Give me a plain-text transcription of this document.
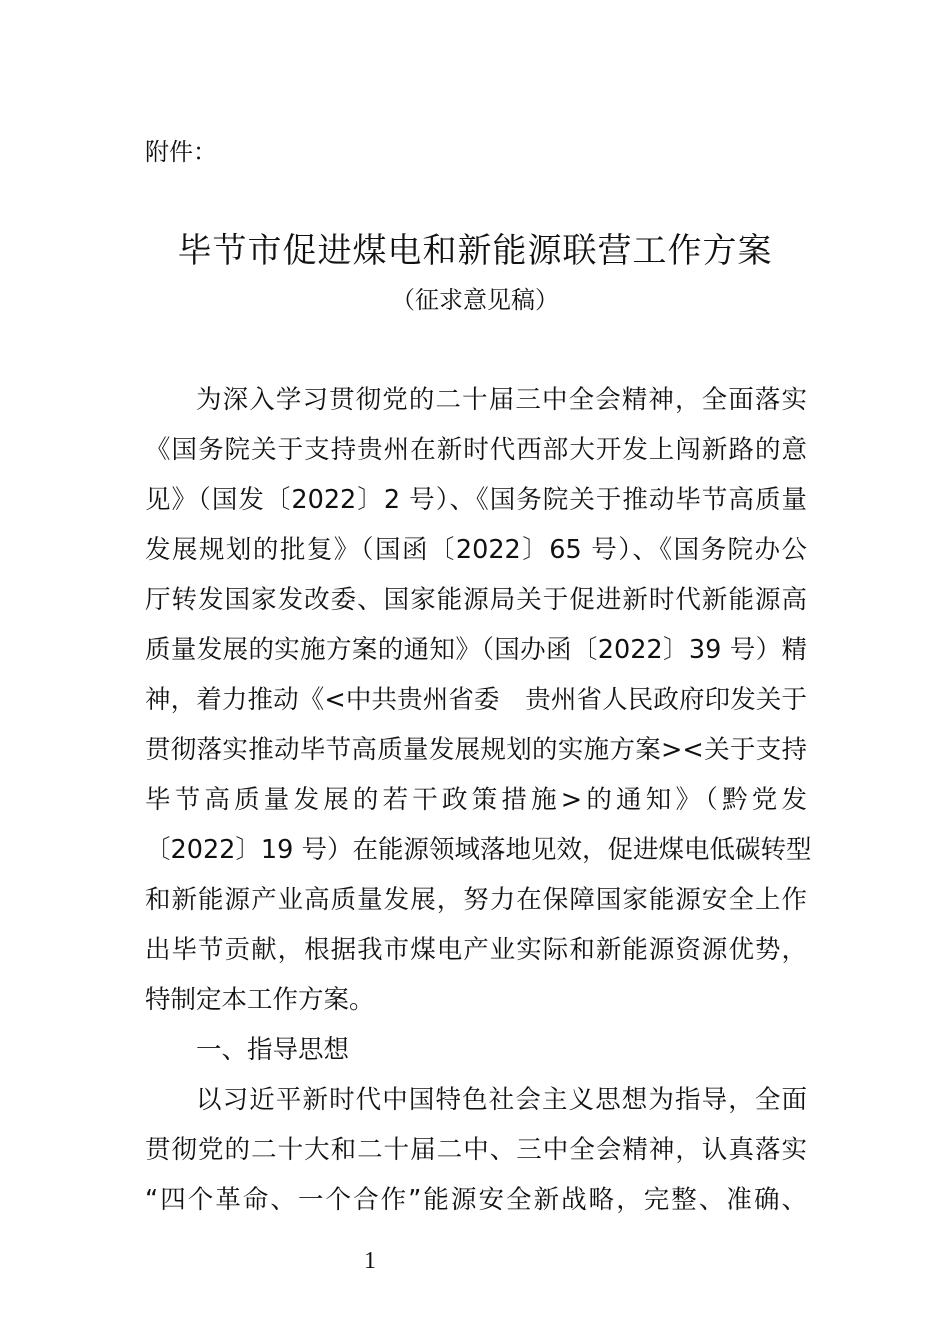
附件：
毕节市促进煤电和新能源联营工作方案
（征求意见稿）
为深入学习贯彻党的二十届三中全会精神，全面落实
《国务院关于支持贵州在新时代西部大开发上闯新路的意
见》（国发〔2022〕2 号）、《国务院关于推动毕节高质量
发展规划的批复》（国函〔2022〕65 号）、《国务院办公
厅转发国家发改委、国家能源局关于促进新时代新能源高
质量发展的实施方案的通知》（国办函〔2022〕39 号）精
神，着力推动《<中共贵州省委　贵州省人民政府印发关于
贯彻落实推动毕节高质量发展规划的实施方案><关于支持
毕节高质量发展的若干政策措施>的通知》（黔党发
〔2022〕19 号）在能源领域落地见效，促进煤电低碳转型
和新能源产业高质量发展，努力在保障国家能源安全上作
出毕节贡献，根据我市煤电产业实际和新能源资源优势，
特制定本工作方案。
一、指导思想
以习近平新时代中国特色社会主义思想为指导，全面
贯彻党的二十大和二十届二中、三中全会精神，认真落实
“四个革命、一个合作”能源安全新战略，完整、准确、
1
